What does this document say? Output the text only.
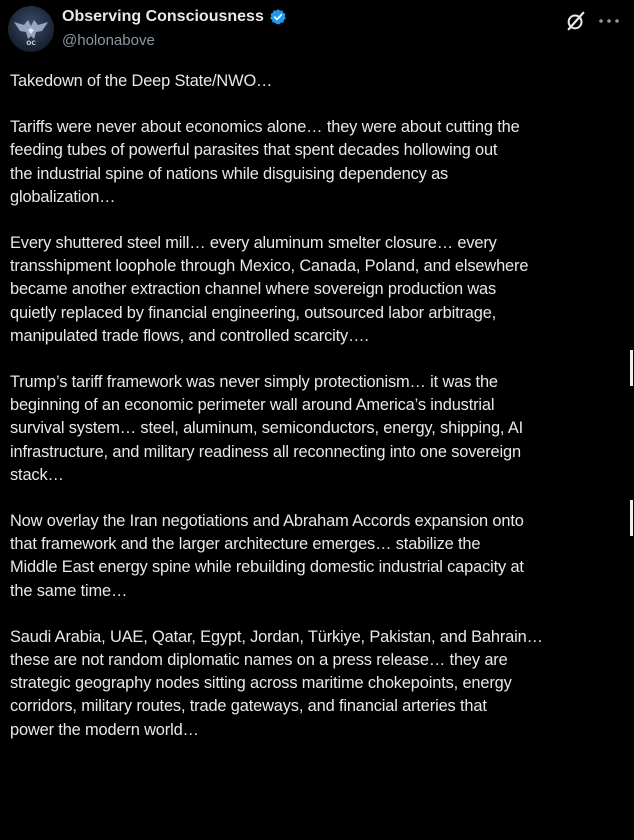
OC
Observing Consciousness
@holonabove

Takedown of the Deep State/NWO…

Tariffs were never about economics alone… they were about cutting the
feeding tubes of powerful parasites that spent decades hollowing out
the industrial spine of nations while disguising dependency as
globalization…

Every shuttered steel mill… every aluminum smelter closure… every
transshipment loophole through Mexico, Canada, Poland, and elsewhere
became another extraction channel where sovereign production was
quietly replaced by financial engineering, outsourced labor arbitrage,
manipulated trade flows, and controlled scarcity….

Trump’s tariff framework was never simply protectionism… it was the
beginning of an economic perimeter wall around America’s industrial
survival system… steel, aluminum, semiconductors, energy, shipping, AI
infrastructure, and military readiness all reconnecting into one sovereign
stack…

Now overlay the Iran negotiations and Abraham Accords expansion onto
that framework and the larger architecture emerges… stabilize the
Middle East energy spine while rebuilding domestic industrial capacity at
the same time…

Saudi Arabia, UAE, Qatar, Egypt, Jordan, Türkiye, Pakistan, and Bahrain…
these are not random diplomatic names on a press release… they are
strategic geography nodes sitting across maritime chokepoints, energy
corridors, military routes, trade gateways, and financial arteries that
power the modern world…
